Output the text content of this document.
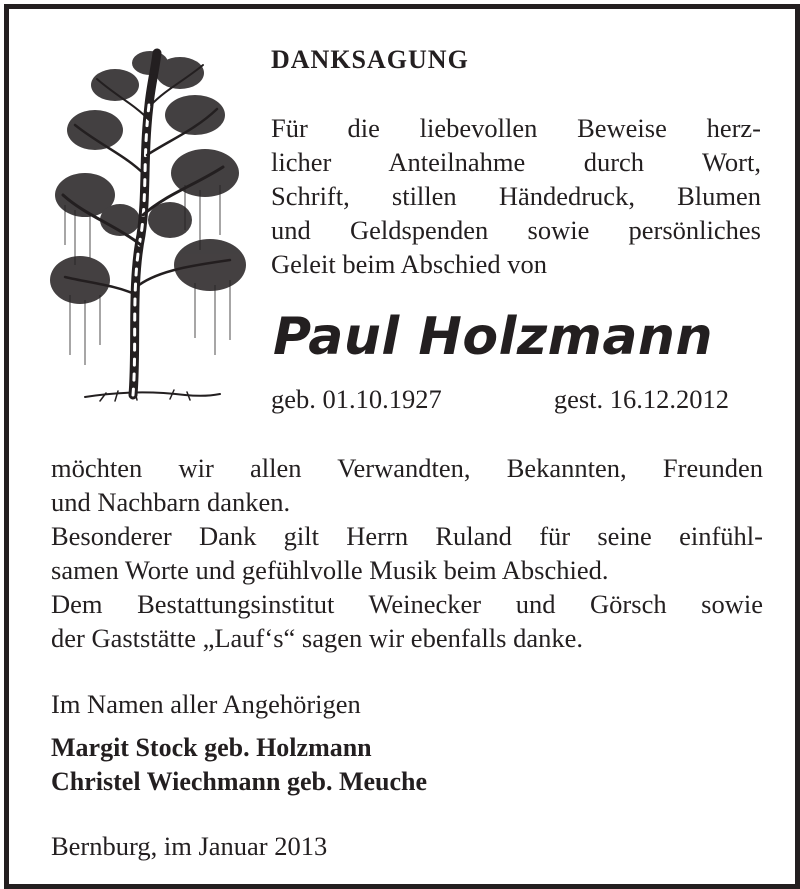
DANKSAGUNG
Für die liebevollen Beweise herz-
licher Anteilnahme durch Wort,
Schrift, stillen Händedruck, Blumen
und Geldspenden sowie persönliches
Geleit beim Abschied von
Paul Holzmann
geb. 01.10.1927	gest. 16.12.2012
möchten wir allen Verwandten, Bekannten, Freunden
und Nachbarn danken.
Besonderer Dank gilt Herrn Ruland für seine einfühl-
samen Worte und gefühlvolle Musik beim Abschied.
Dem Bestattungsinstitut Weinecker und Görsch sowie
der Gaststätte „Lauf‘s“ sagen wir ebenfalls danke.
Im Namen aller Angehörigen
Margit Stock geb. Holzmann
Christel Wiechmann geb. Meuche
Bernburg, im Januar 2013
